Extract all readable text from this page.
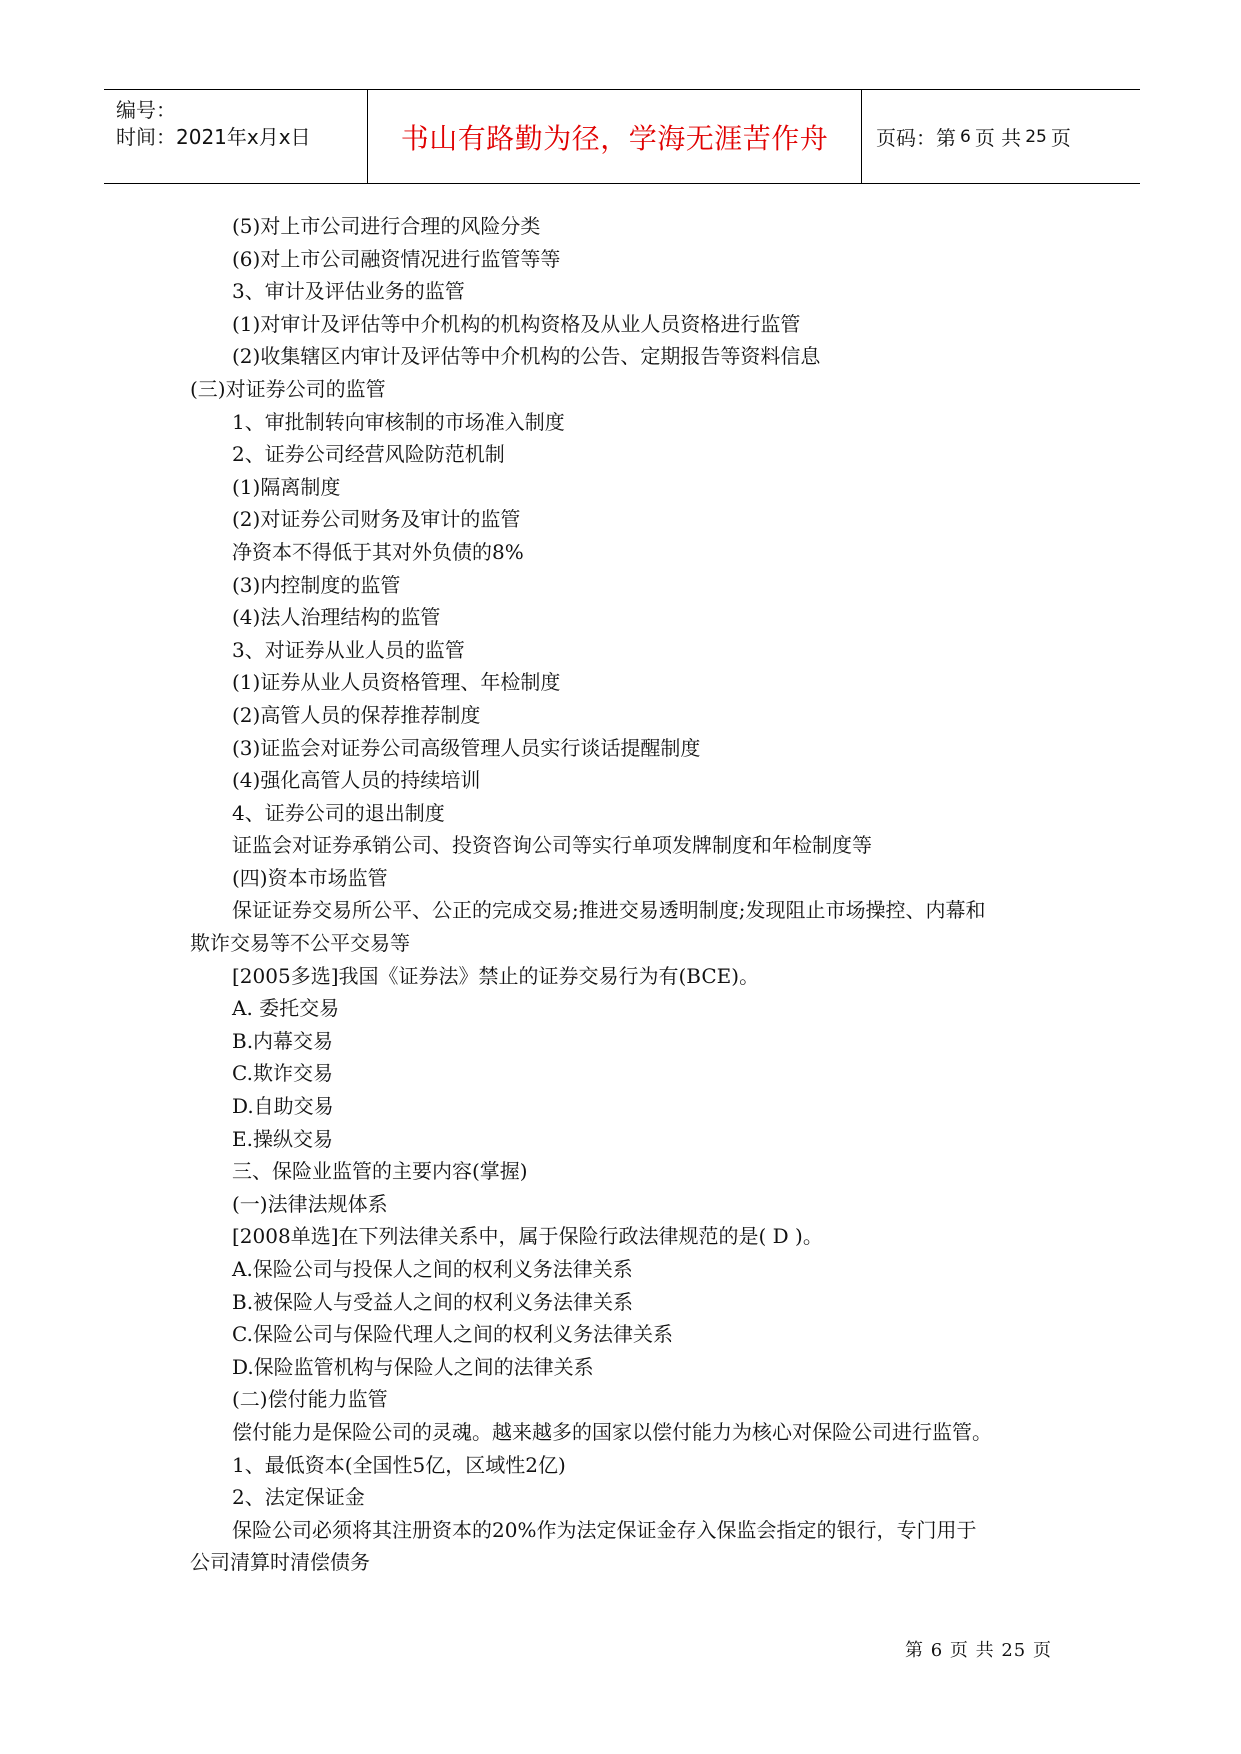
编号：
时间：2021年x月x日	书山有路勤为径，学海无涯苦作舟	页码：第 6 页 共 25 页
(5)对上市公司进行合理的风险分类
(6)对上市公司融资情况进行监管等等
3、审计及评估业务的监管
(1)对审计及评估等中介机构的机构资格及从业人员资格进行监管
(2)收集辖区内审计及评估等中介机构的公告、定期报告等资料信息
(三)对证券公司的监管
1、审批制转向审核制的市场准入制度
2、证券公司经营风险防范机制
(1)隔离制度
(2)对证券公司财务及审计的监管
净资本不得低于其对外负债的8%
(3)内控制度的监管
(4)法人治理结构的监管
3、对证券从业人员的监管
(1)证券从业人员资格管理、年检制度
(2)高管人员的保荐推荐制度
(3)证监会对证券公司高级管理人员实行谈话提醒制度
(4)强化高管人员的持续培训
4、证券公司的退出制度
证监会对证券承销公司、投资咨询公司等实行单项发牌制度和年检制度等
(四)资本市场监管
保证证券交易所公平、公正的完成交易;推进交易透明制度;发现阻止市场操控、内幕和
欺诈交易等不公平交易等
[2005多选]我国《证券法》禁止的证券交易行为有(BCE)。
A. 委托交易
B.内幕交易
C.欺诈交易
D.自助交易
E.操纵交易
三、保险业监管的主要内容(掌握)
(一)法律法规体系
[2008单选]在下列法律关系中，属于保险行政法律规范的是( D )。
A.保险公司与投保人之间的权利义务法律关系
B.被保险人与受益人之间的权利义务法律关系
C.保险公司与保险代理人之间的权利义务法律关系
D.保险监管机构与保险人之间的法律关系
(二)偿付能力监管
偿付能力是保险公司的灵魂。越来越多的国家以偿付能力为核心对保险公司进行监管。
1、最低资本(全国性5亿，区域性2亿)
2、法定保证金
保险公司必须将其注册资本的20%作为法定保证金存入保监会指定的银行，专门用于
公司清算时清偿债务
第 6 页 共 25 页
